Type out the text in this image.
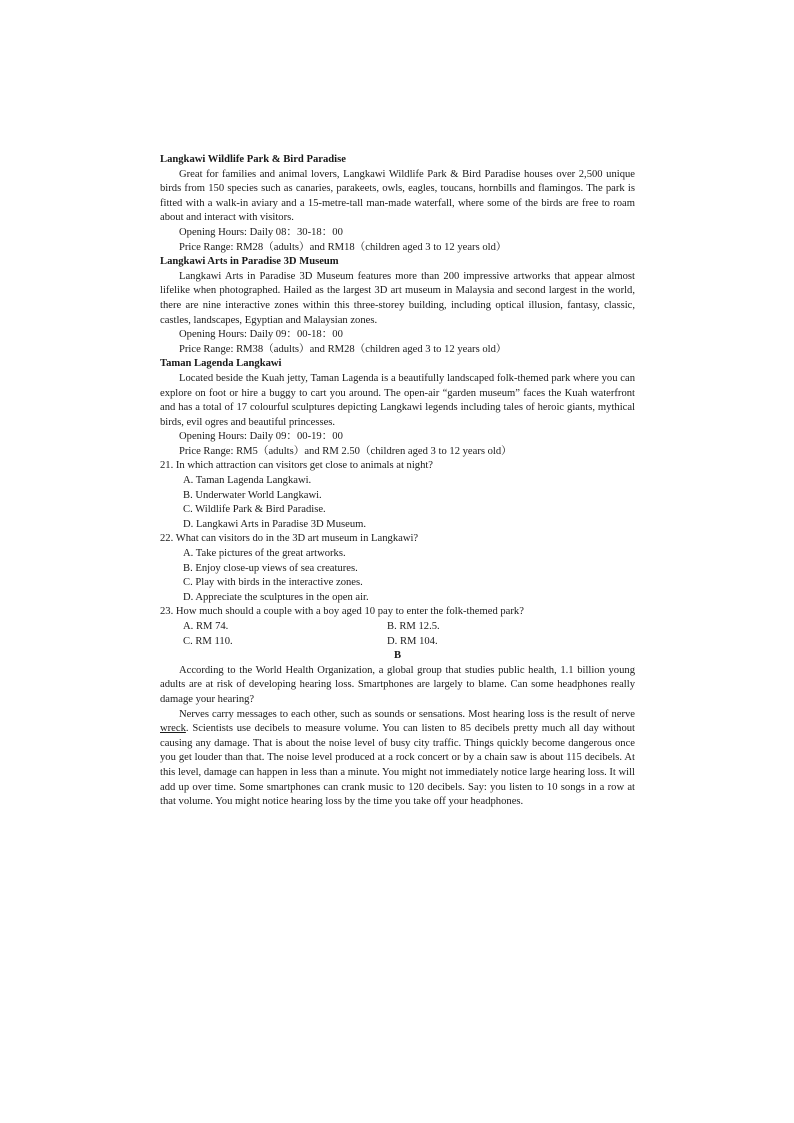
Langkawi Wildlife Park & Bird Paradise

Great for families and animal lovers, Langkawi Wildlife Park & Bird Paradise houses over 2,500 unique birds from 150 species such as canaries, parakeets, owls, eagles, toucans, hornbills and flamingos. The park is fitted with a walk-in aviary and a 15-metre-tall man-made waterfall, where some of the birds are free to roam about and interact with visitors.

Opening Hours: Daily 08：30-18：00

Price Range: RM28（adults）and RM18（children aged 3 to 12 years old）

Langkawi Arts in Paradise 3D Museum

Langkawi Arts in Paradise 3D Museum features more than 200 impressive artworks that appear almost lifelike when photographed. Hailed as the largest 3D art museum in Malaysia and second largest in the world, there are nine interactive zones within this three-storey building, including optical illusion, fantasy, classic, castles, landscapes, Egyptian and Malaysian zones.

Opening Hours: Daily 09：00-18：00

Price Range: RM38（adults）and RM28（children aged 3 to 12 years old）

Taman Lagenda Langkawi

Located beside the Kuah jetty, Taman Lagenda is a beautifully landscaped folk-themed park where you can explore on foot or hire a buggy to cart you around. The open-air “garden museum” faces the Kuah waterfront and has a total of 17 colourful sculptures depicting Langkawi legends including tales of heroic giants, mythical birds, evil ogres and beautiful princesses.

Opening Hours: Daily 09：00-19：00

Price Range: RM5（adults）and RM 2.50（children aged 3 to 12 years old）

21. In which attraction can visitors get close to animals at night?

A. Taman Lagenda Langkawi.

B. Underwater World Langkawi.

C. Wildlife Park & Bird Paradise.

D. Langkawi Arts in Paradise 3D Museum.

22. What can visitors do in the 3D art museum in Langkawi?

A. Take pictures of the great artworks.

B. Enjoy close-up views of sea creatures.

C. Play with birds in the interactive zones.

D. Appreciate the sculptures in the open air.

23. How much should a couple with a boy aged 10 pay to enter the folk-themed park?

A. RM 74.	B. RM 12.5.
C. RM 110.	D. RM 104.

B

According to the World Health Organization, a global group that studies public health, 1.1 billion young adults are at risk of developing hearing loss. Smartphones are largely to blame. Can some headphones really damage your hearing?

Nerves carry messages to each other, such as sounds or sensations. Most hearing loss is the result of nerve wreck. Scientists use decibels to measure volume. You can listen to 85 decibels pretty much all day without causing any damage. That is about the noise level of busy city traffic. Things quickly become dangerous once you get louder than that. The noise level produced at a rock concert or by a chain saw is about 115 decibels. At this level, damage can happen in less than a minute. You might not immediately notice large hearing loss. It will add up over time. Some smartphones can crank music to 120 decibels. Say: you listen to 10 songs in a row at that volume. You might notice hearing loss by the time you take off your headphones.
